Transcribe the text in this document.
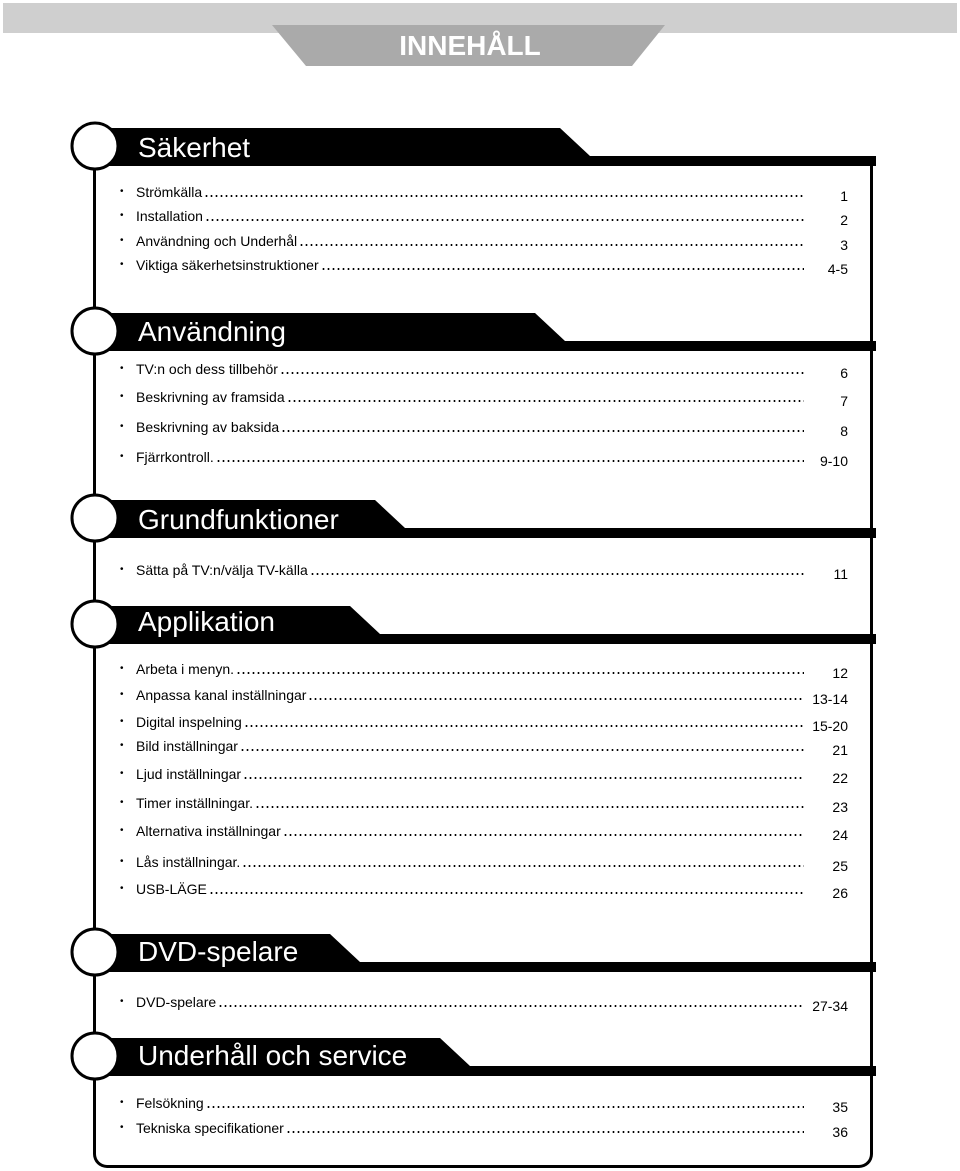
INNEHÅLL
Säkerhet
• Strömkälla	1
• Installation	2
• Användning och Underhål	3
• Viktiga säkerhetsinstruktioner	4-5
Användning
• TV:n och dess tillbehör	6
• Beskrivning av framsida	7
• Beskrivning av baksida	8
• Fjärrkontroll.	9-10
Grundfunktioner
• Sätta på TV:n/välja TV-källa	11
Applikation
• Arbeta i menyn.	12
• Anpassa kanal inställningar	13-14
• Digital inspelning	15-20
• Bild inställningar	21
• Ljud inställningar	22
• Timer inställningar.	23
• Alternativa inställningar	24
• Lås inställningar.	25
• USB-LÄGE	26
DVD-spelare
• DVD-spelare	27-34
Underhåll och service
• Felsökning	35
• Tekniska specifikationer	36
